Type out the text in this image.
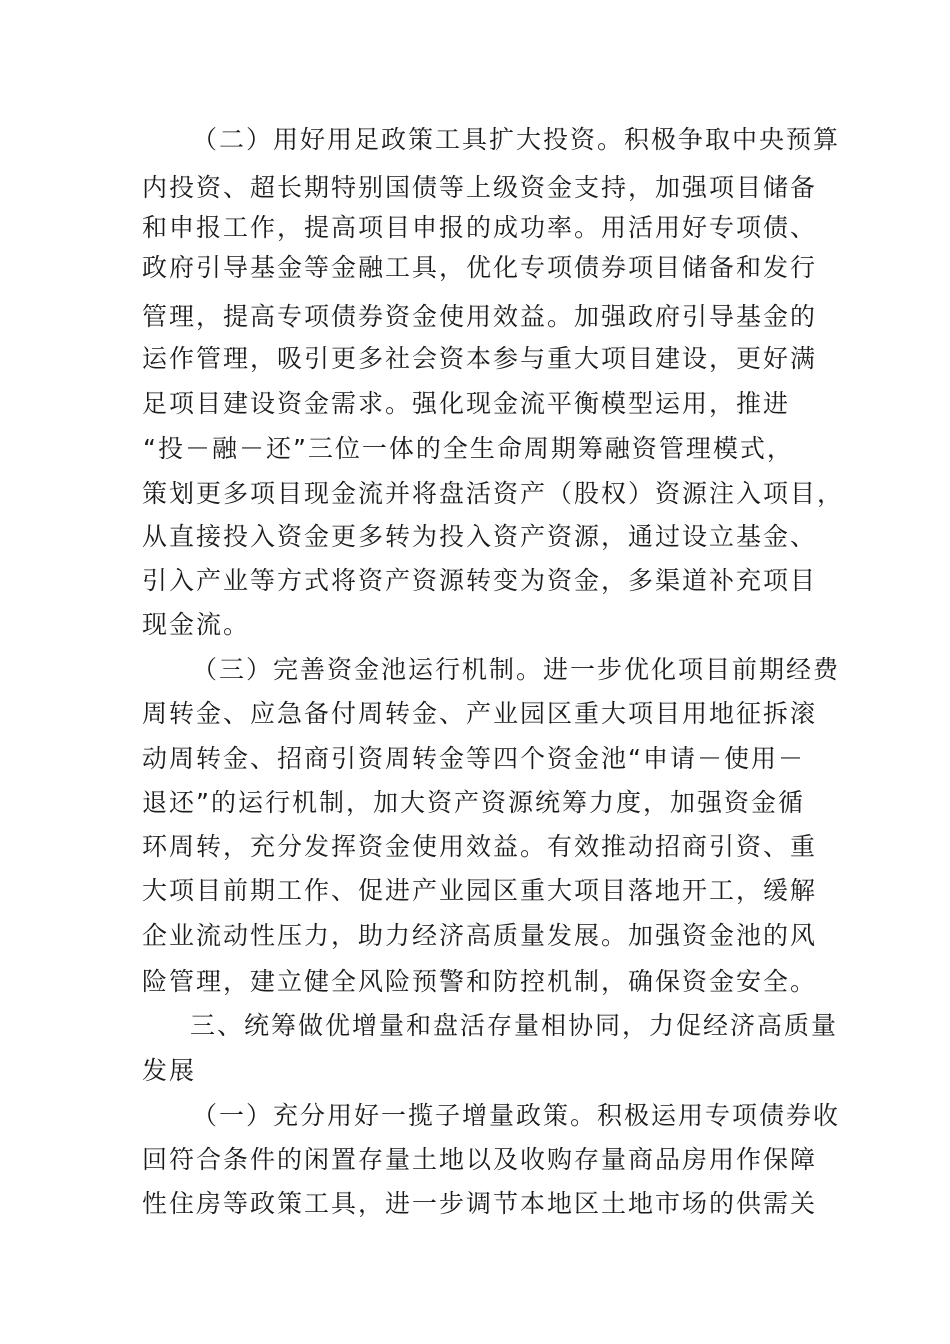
（二）用好用足政策工具扩大投资。积极争取中央预算
内投资、超长期特别国债等上级资金支持，加强项目储备
和申报工作，提高项目申报的成功率。用活用好专项债、
政府引导基金等金融工具，优化专项债券项目储备和发行
管理，提高专项债券资金使用效益。加强政府引导基金的
运作管理，吸引更多社会资本参与重大项目建设，更好满
足项目建设资金需求。强化现金流平衡模型运用，推进
“投－融－还”三位一体的全生命周期筹融资管理模式，
策划更多项目现金流并将盘活资产（股权）资源注入项目，
从直接投入资金更多转为投入资产资源，通过设立基金、
引入产业等方式将资产资源转变为资金，多渠道补充项目
现金流。
（三）完善资金池运行机制。进一步优化项目前期经费
周转金、应急备付周转金、产业园区重大项目用地征拆滚
动周转金、招商引资周转金等四个资金池“申请－使用－
退还”的运行机制，加大资产资源统筹力度，加强资金循
环周转，充分发挥资金使用效益。有效推动招商引资、重
大项目前期工作、促进产业园区重大项目落地开工，缓解
企业流动性压力，助力经济高质量发展。加强资金池的风
险管理，建立健全风险预警和防控机制，确保资金安全。
三、统筹做优增量和盘活存量相协同，力促经济高质量
发展
（一）充分用好一揽子增量政策。积极运用专项债券收
回符合条件的闲置存量土地以及收购存量商品房用作保障
性住房等政策工具，进一步调节本地区土地市场的供需关
